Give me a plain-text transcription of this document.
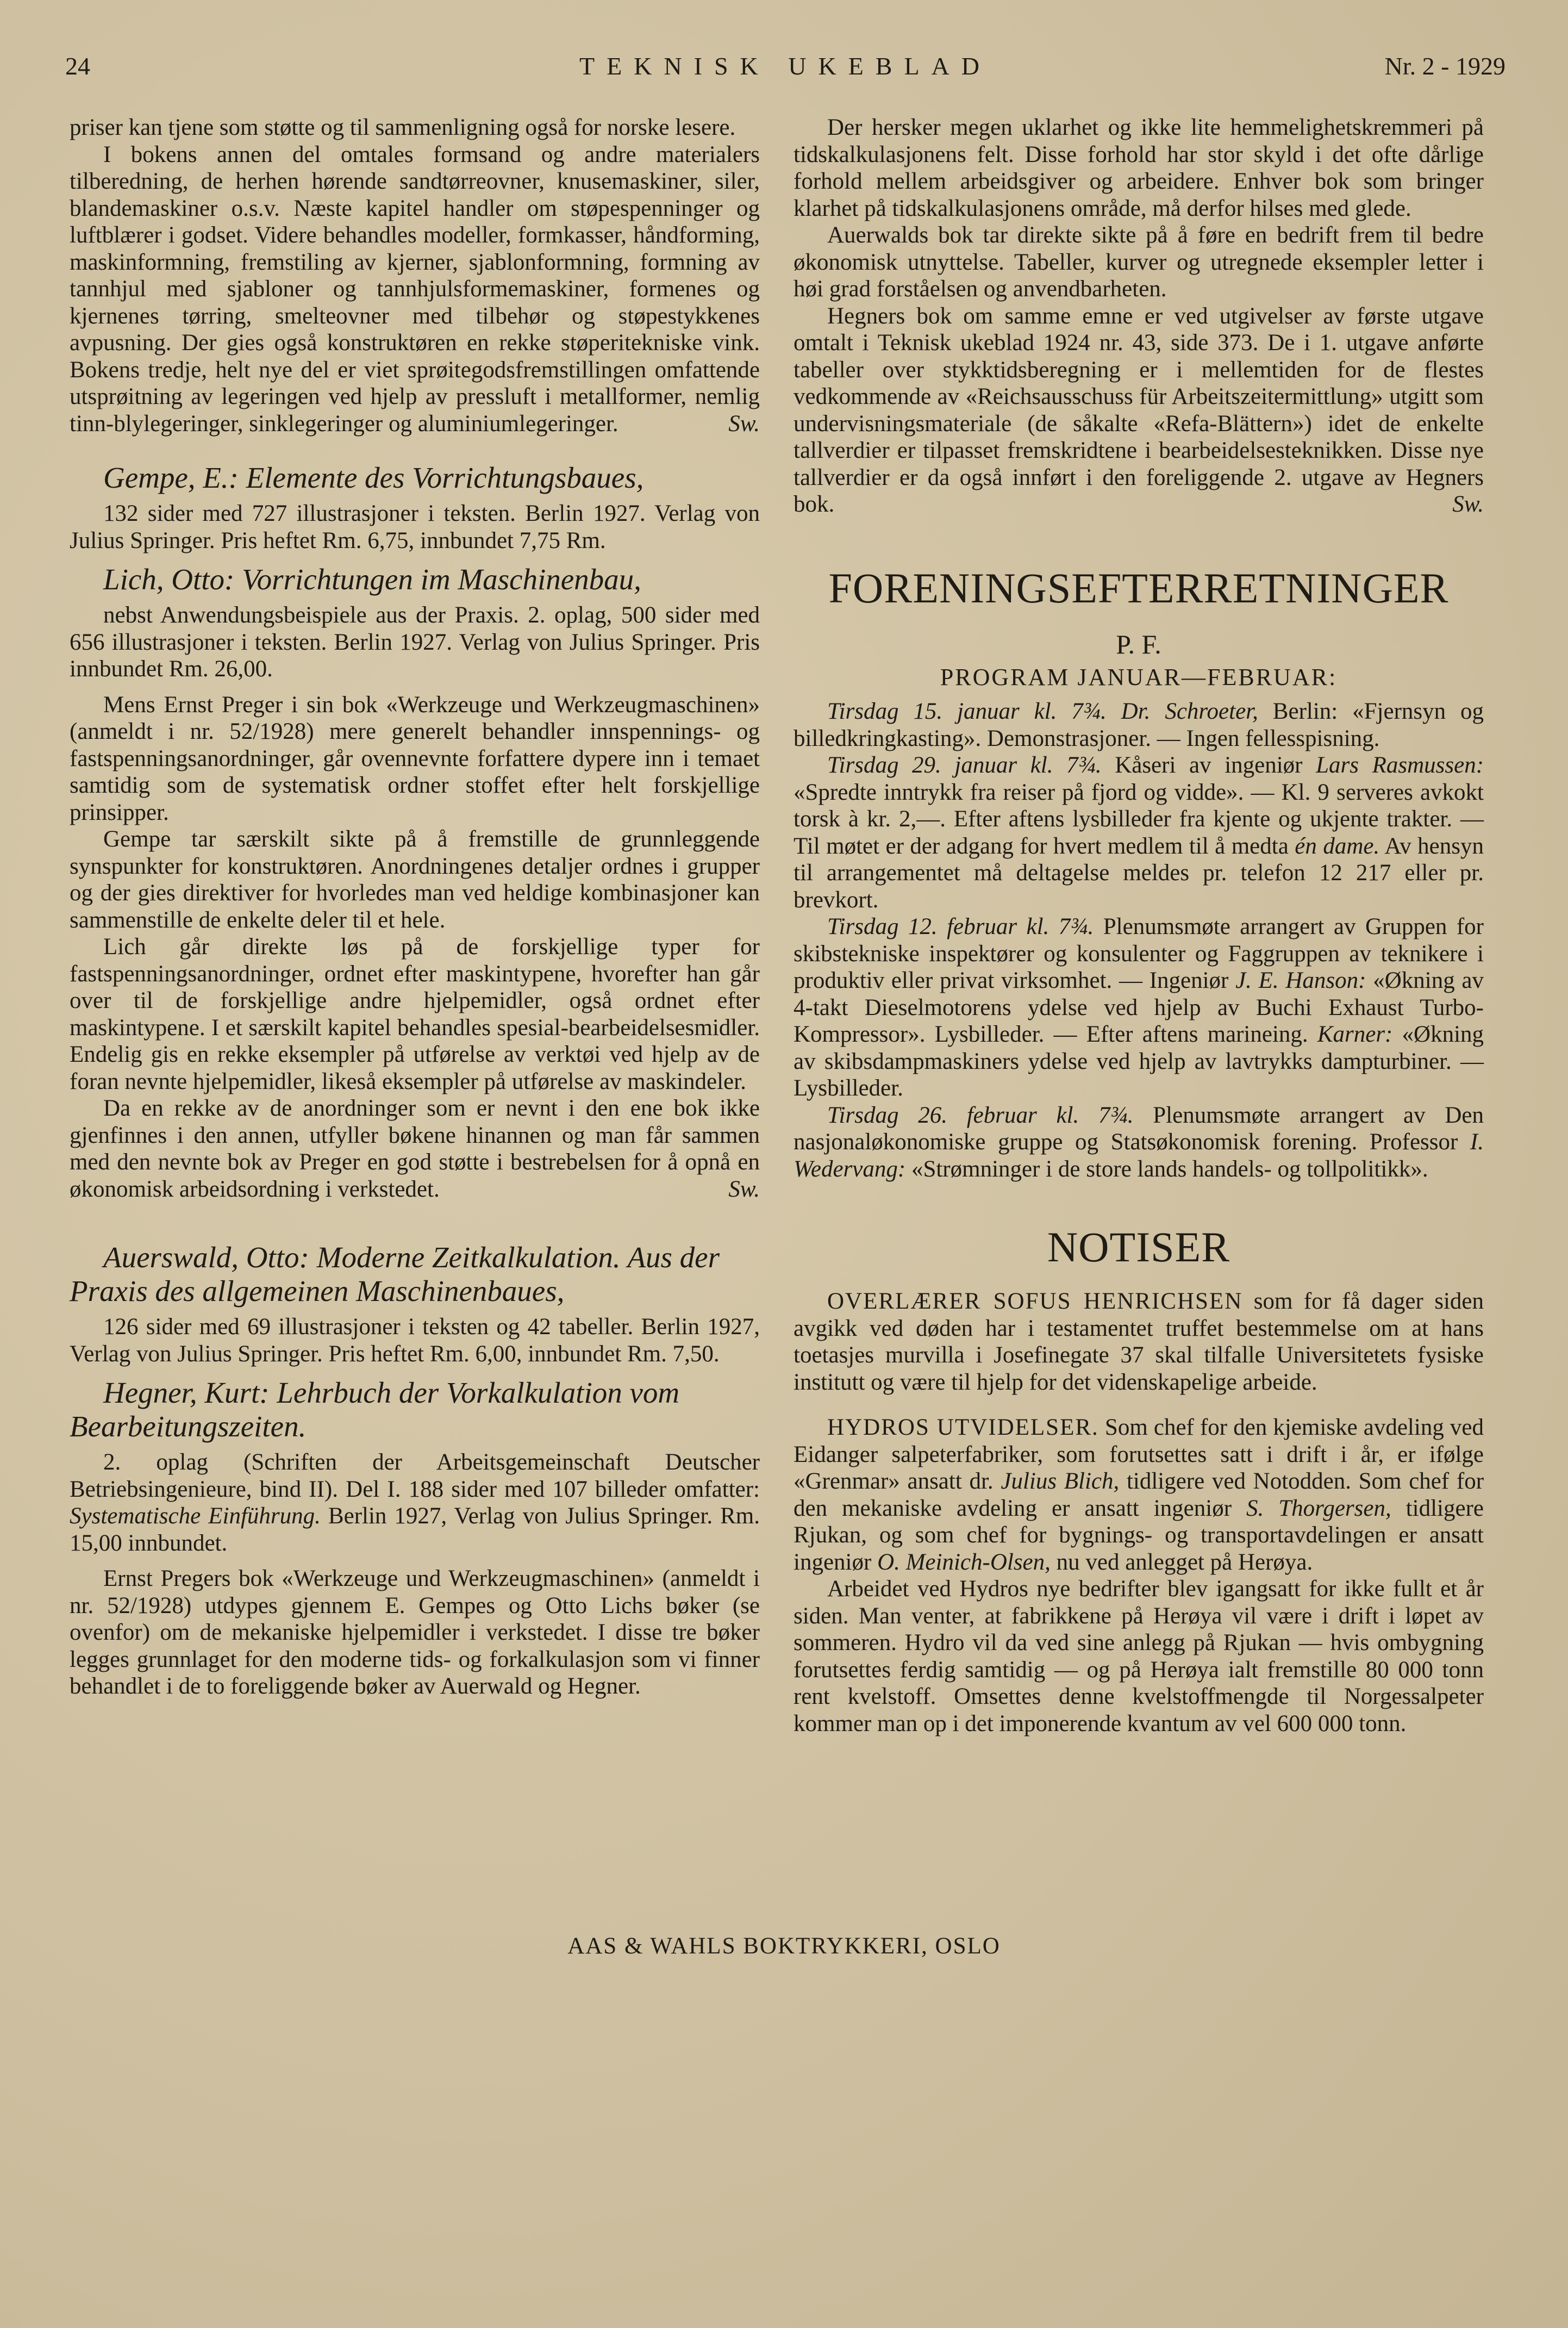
24	TEKNISK UKEBLAD	Nr. 2 - 1929

priser kan tjene som støtte og til sammenligning også for norske lesere.

I bokens annen del omtales formsand og andre materialers tilberedning, de herhen hørende sandtørreovner, knusemaskiner, siler, blandemaskiner o.s.v. Næste kapitel handler om støpespenninger og luftblærer i godset. Videre behandles modeller, formkasser, håndforming, maskinformning, fremstiling av kjerner, sjablonformning, formning av tannhjul med sjabloner og tannhjulsformemaskiner, formenes og kjernenes tørring, smelteovner med tilbehør og støpestykkenes avpusning. Der gies også konstruktøren en rekke støperitekniske vink. Bokens tredje, helt nye del er viet sprøitegodsfremstillingen omfattende utsprøitning av legeringen ved hjelp av pressluft i metallformer, nemlig tinn-blylegeringer, sinklegeringer og aluminiumlegeringer.	Sw.
Gempe, E.: Elemente des Vorrichtungsbaues,

132 sider med 727 illustrasjoner i teksten. Berlin 1927. Verlag von Julius Springer. Pris heftet Rm. 6,75, innbundet 7,75 Rm.

Lich, Otto: Vorrichtungen im Maschinenbau,

nebst Anwendungsbeispiele aus der Praxis. 2. oplag, 500 sider med 656 illustrasjoner i teksten. Berlin 1927. Verlag von Julius Springer. Pris innbundet Rm. 26,00.

Mens Ernst Preger i sin bok «Werkzeuge und Werkzeugmaschinen» (anmeldt i nr. 52/1928) mere generelt behandler innspennings- og fastspenningsanordninger, går ovennevnte forfattere dypere inn i temaet samtidig som de systematisk ordner stoffet efter helt forskjellige prinsipper.

Gempe tar særskilt sikte på å fremstille de grunnleggende synspunkter for konstruktøren. Anordningenes detaljer ordnes i grupper og der gies direktiver for hvorledes man ved heldige kombinasjoner kan sammenstille de enkelte deler til et hele.

Lich går direkte løs på de forskjellige typer for fastspenningsanordninger, ordnet efter maskintypene, hvorefter han går over til de forskjellige andre hjelpemidler, også ordnet efter maskintypene. I et særskilt kapitel behandles spesial-bearbeidelsesmidler. Endelig gis en rekke eksempler på utførelse av verktøi ved hjelp av de foran nevnte hjelpemidler, likeså eksempler på utførelse av maskindeler.

Da en rekke av de anordninger som er nevnt i den ene bok ikke gjenfinnes i den annen, utfyller bøkene hinannen og man får sammen med den nevnte bok av Preger en god støtte i bestrebelsen for å opnå en økonomisk arbeidsordning i verkstedet.	Sw.
Auerswald, Otto: Moderne Zeitkalkulation. Aus der Praxis des allgemeinen Maschinenbaues,

126 sider med 69 illustrasjoner i teksten og 42 tabeller. Berlin 1927, Verlag von Julius Springer. Pris heftet Rm. 6,00, innbundet Rm. 7,50.

Hegner, Kurt: Lehrbuch der Vorkalkulation vom Bearbeitungszeiten.

2. oplag (Schriften der Arbeitsgemeinschaft Deutscher Betriebsingenieure, bind II). Del I. 188 sider med 107 billeder omfatter: Systematische Einführung. Berlin 1927, Verlag von Julius Springer. Rm. 15,00 innbundet.

Ernst Pregers bok «Werkzeuge und Werkzeugmaschinen» (anmeldt i nr. 52/1928) utdypes gjennem E. Gempes og Otto Lichs bøker (se ovenfor) om de mekaniske hjelpemidler i verkstedet. I disse tre bøker legges grunnlaget for den moderne tids- og forkalkulasjon som vi finner behandlet i de to foreliggende bøker av Auerwald og Hegner.

Der hersker megen uklarhet og ikke lite hemmelighetskremmeri på tidskalkulasjonens felt. Disse forhold har stor skyld i det ofte dårlige forhold mellem arbeidsgiver og arbeidere. Enhver bok som bringer klarhet på tidskalkulasjonens område, må derfor hilses med glede.

Auerwalds bok tar direkte sikte på å føre en bedrift frem til bedre økonomisk utnyttelse. Tabeller, kurver og utregnede eksempler letter i høi grad forståelsen og anvendbarheten.

Hegners bok om samme emne er ved utgivelser av første utgave omtalt i Teknisk ukeblad 1924 nr. 43, side 373. De i 1. utgave anførte tabeller over stykktidsberegning er i mellemtiden for de flestes vedkommende av «Reichsausschuss für Arbeitszeitermittlung» utgitt som undervisningsmateriale (de såkalte «Refa-Blättern») idet de enkelte tallverdier er tilpasset fremskridtene i bearbeidelsesteknikken. Disse nye tallverdier er da også innført i den foreliggende 2. utgave av Hegners bok.	Sw.
FORENINGSEFTERRETNINGER
P. F.
PROGRAM JANUAR—FEBRUAR:

Tirsdag 15. januar kl. 7¾. Dr. Schroeter, Berlin: «Fjernsyn og billedkringkasting». Demonstrasjoner. — Ingen fellesspisning.

Tirsdag 29. januar kl. 7¾. Kåseri av ingeniør Lars Rasmussen: «Spredte inntrykk fra reiser på fjord og vidde». — Kl. 9 serveres avkokt torsk à kr. 2,—. Efter aftens lysbilleder fra kjente og ukjente trakter. — Til møtet er der adgang for hvert medlem til å medta én dame. Av hensyn til arrangementet må deltagelse meldes pr. telefon 12 217 eller pr. brevkort.

Tirsdag 12. februar kl. 7¾. Plenumsmøte arrangert av Gruppen for skibstekniske inspektører og konsulenter og Faggruppen av teknikere i produktiv eller privat virksomhet. — Ingeniør J. E. Hanson: «Økning av 4-takt Dieselmotorens ydelse ved hjelp av Buchi Exhaust Turbo-Kompressor». Lysbilleder. — Efter aftens marineing. Karner: «Økning av skibsdampmaskiners ydelse ved hjelp av lavtrykks dampturbiner. — Lysbilleder.

Tirsdag 26. februar kl. 7¾. Plenumsmøte arrangert av Den nasjonaløkonomiske gruppe og Statsøkonomisk forening. Professor I. Wedervang: «Strømninger i de store lands handels- og tollpolitikk».

NOTISER

OVERLÆRER SOFUS HENRICHSEN som for få dager siden avgikk ved døden har i testamentet truffet bestemmelse om at hans toetasjes murvilla i Josefinegate 37 skal tilfalle Universitetets fysiske institutt og være til hjelp for det videnskapelige arbeide.

HYDROS UTVIDELSER. Som chef for den kjemiske avdeling ved Eidanger salpeterfabriker, som forutsettes satt i drift i år, er ifølge «Grenmar» ansatt dr. Julius Blich, tidligere ved Notodden. Som chef for den mekaniske avdeling er ansatt ingeniør S. Thorgersen, tidligere Rjukan, og som chef for bygnings- og transportavdelingen er ansatt ingeniør O. Meinich-Olsen, nu ved anlegget på Herøya.

Arbeidet ved Hydros nye bedrifter blev igangsatt for ikke fullt et år siden. Man venter, at fabrikkene på Herøya vil være i drift i løpet av sommeren. Hydro vil da ved sine anlegg på Rjukan — hvis ombygning forutsettes ferdig samtidig — og på Herøya ialt fremstille 80 000 tonn rent kvelstoff. Omsettes denne kvelstoffmengde til Norgessalpeter kommer man op i det imponerende kvantum av vel 600 000 tonn.

AAS & WAHLS BOKTRYKKERI, OSLO
